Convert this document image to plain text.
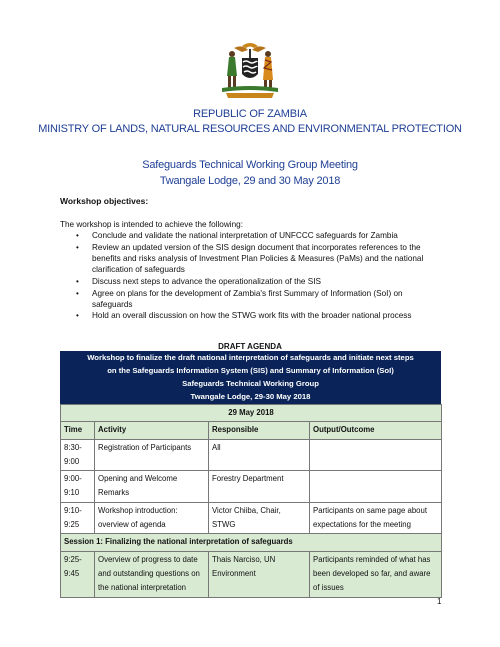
REPUBLIC OF ZAMBIA
MINISTRY OF LANDS, NATURAL RESOURCES AND ENVIRONMENTAL PROTECTION
Safeguards Technical Working Group Meeting
Twangale Lodge, 29 and 30 May 2018
Workshop objectives:
The workshop is intended to achieve the following:
• Conclude and validate the national interpretation of UNFCCC safeguards for Zambia
• Review an updated version of the SIS design document that incorporates references to the benefits and risks analysis of Investment Plan Policies & Measures (PaMs) and the national clarification of safeguards
• Discuss next steps to advance the operationalization of the SIS
• Agree on plans for the development of Zambia's first Summary of Information (SoI) on safeguards
• Hold an overall discussion on how the STWG work fits with the broader national process
DRAFT AGENDA
Workshop to finalize the draft national interpretation of safeguards and initiate next steps
on the Safeguards Information System (SIS) and Summary of Information (SoI)
Safeguards Technical Working Group
Twangale Lodge, 29-30 May 2018
29 May 2018			
Time	Activity	Responsible	Output/Outcome
8:30-9:00	Registration of Participants	All	
9:00-9:10	Opening and Welcome Remarks	Forestry Department	
9:10-9:25	Workshop introduction: overview of agenda	Victor Chiiba, Chair, STWG	Participants on same page about expectations for the meeting
Session 1: Finalizing the national interpretation of safeguards			
9:25-9:45	Overview of progress to date and outstanding questions on the national interpretation	Thais Narciso, UN Environment	Participants reminded of what has been developed so far, and aware of issues
1
